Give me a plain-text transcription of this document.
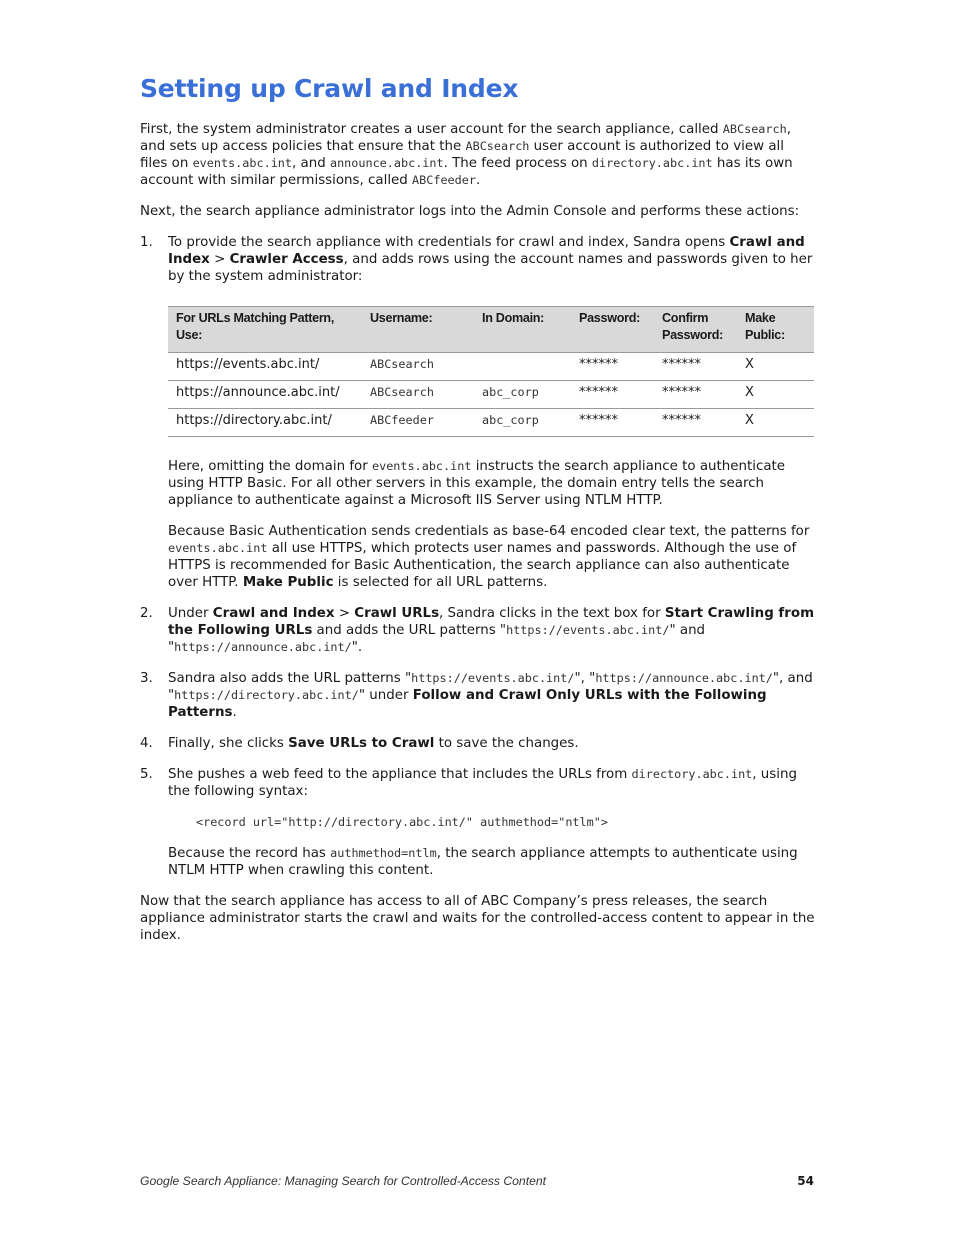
Setting up Crawl and Index

First, the system administrator creates a user account for the search appliance, called ABCsearch, and sets up access policies that ensure that the ABCsearch user account is authorized to view all files on events.abc.int, and announce.abc.int. The feed process on directory.abc.int has its own account with similar permissions, called ABCfeeder.

Next, the search appliance administrator logs into the Admin Console and performs these actions:

1. To provide the search appliance with credentials for crawl and index, Sandra opens Crawl and Index > Crawler Access, and adds rows using the account names and passwords given to her by the system administrator:

For URLs Matching Pattern, Use:	Username:	In Domain:	Password:	Confirm Password:	Make Public:
https://events.abc.int/	ABCsearch		******	******	X
https://announce.abc.int/	ABCsearch	abc_corp	******	******	X
https://directory.abc.int/	ABCfeeder	abc_corp	******	******	X

Here, omitting the domain for events.abc.int instructs the search appliance to authenticate using HTTP Basic. For all other servers in this example, the domain entry tells the search appliance to authenticate against a Microsoft IIS Server using NTLM HTTP.

Because Basic Authentication sends credentials as base-64 encoded clear text, the patterns for events.abc.int all use HTTPS, which protects user names and passwords. Although the use of HTTPS is recommended for Basic Authentication, the search appliance can also authenticate over HTTP. Make Public is selected for all URL patterns.

2. Under Crawl and Index > Crawl URLs, Sandra clicks in the text box for Start Crawling from the Following URLs and adds the URL patterns "https://events.abc.int/" and "https://announce.abc.int/".

3. Sandra also adds the URL patterns "https://events.abc.int/", "https://announce.abc.int/", and "https://directory.abc.int/" under Follow and Crawl Only URLs with the Following Patterns.

4. Finally, she clicks Save URLs to Crawl to save the changes.

5. She pushes a web feed to the appliance that includes the URLs from directory.abc.int, using the following syntax:

<record url="http://directory.abc.int/" authmethod="ntlm">

Because the record has authmethod=ntlm, the search appliance attempts to authenticate using NTLM HTTP when crawling this content.

Now that the search appliance has access to all of ABC Company’s press releases, the search appliance administrator starts the crawl and waits for the controlled-access content to appear in the index.

Google Search Appliance: Managing Search for Controlled-Access Content	54
